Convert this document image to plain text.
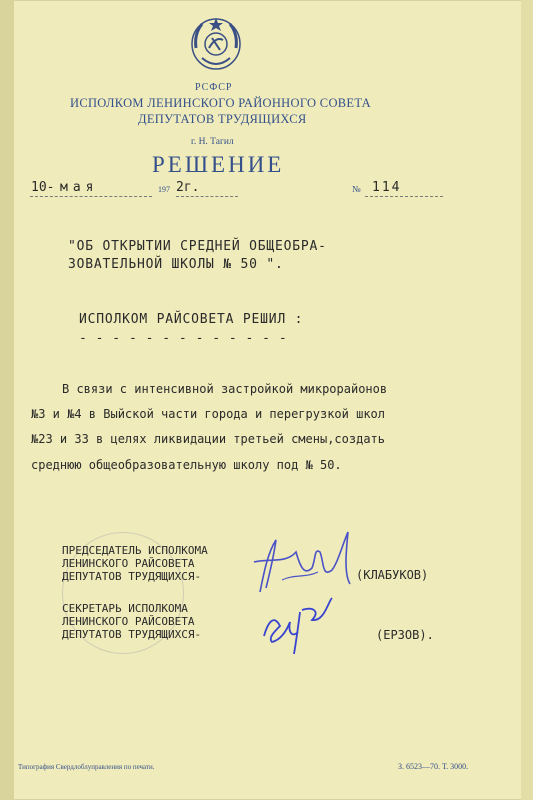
РСФСР
ИСПОЛКОМ ЛЕНИНСКОГО РАЙОННОГО СОВЕТА
ДЕПУТАТОВ ТРУДЯЩИХСЯ
г. Н. Тагил
РЕШЕНИЕ
10- мая	197 2г.	№ 114
"ОБ ОТКРЫТИИ СРЕДНЕЙ ОБЩЕОБРА-
ЗОВАТЕЛЬНОЙ ШКОЛЫ № 50 ".
ИСПОЛКОМ РАЙСОВЕТА РЕШИЛ :
- - - - - - - - - - - - -
В связи с интенсивной застройкой микрорайонов
№3 и №4 в Выйской части города и перегрузкой школ
№23 и 33 в целях ликвидации третьей смены,создать
среднюю общеобразовательную школу под № 50.
ПРЕДСЕДАТЕЛЬ ИСПОЛКОМА
ЛЕНИНСКОГО РАЙСОВЕТА
ДЕПУТАТОВ ТРУДЯЩИХСЯ-	(КЛАБУКОВ)
СЕКРЕТАРЬ ИСПОЛКОМА
ЛЕНИНСКОГО РАЙСОВЕТА
ДЕПУТАТОВ ТРУДЯЩИХСЯ-	(ЕРЗОВ).
Типография Свердлоблуправления по печати.	З. 6523—70. Т. 3000.
